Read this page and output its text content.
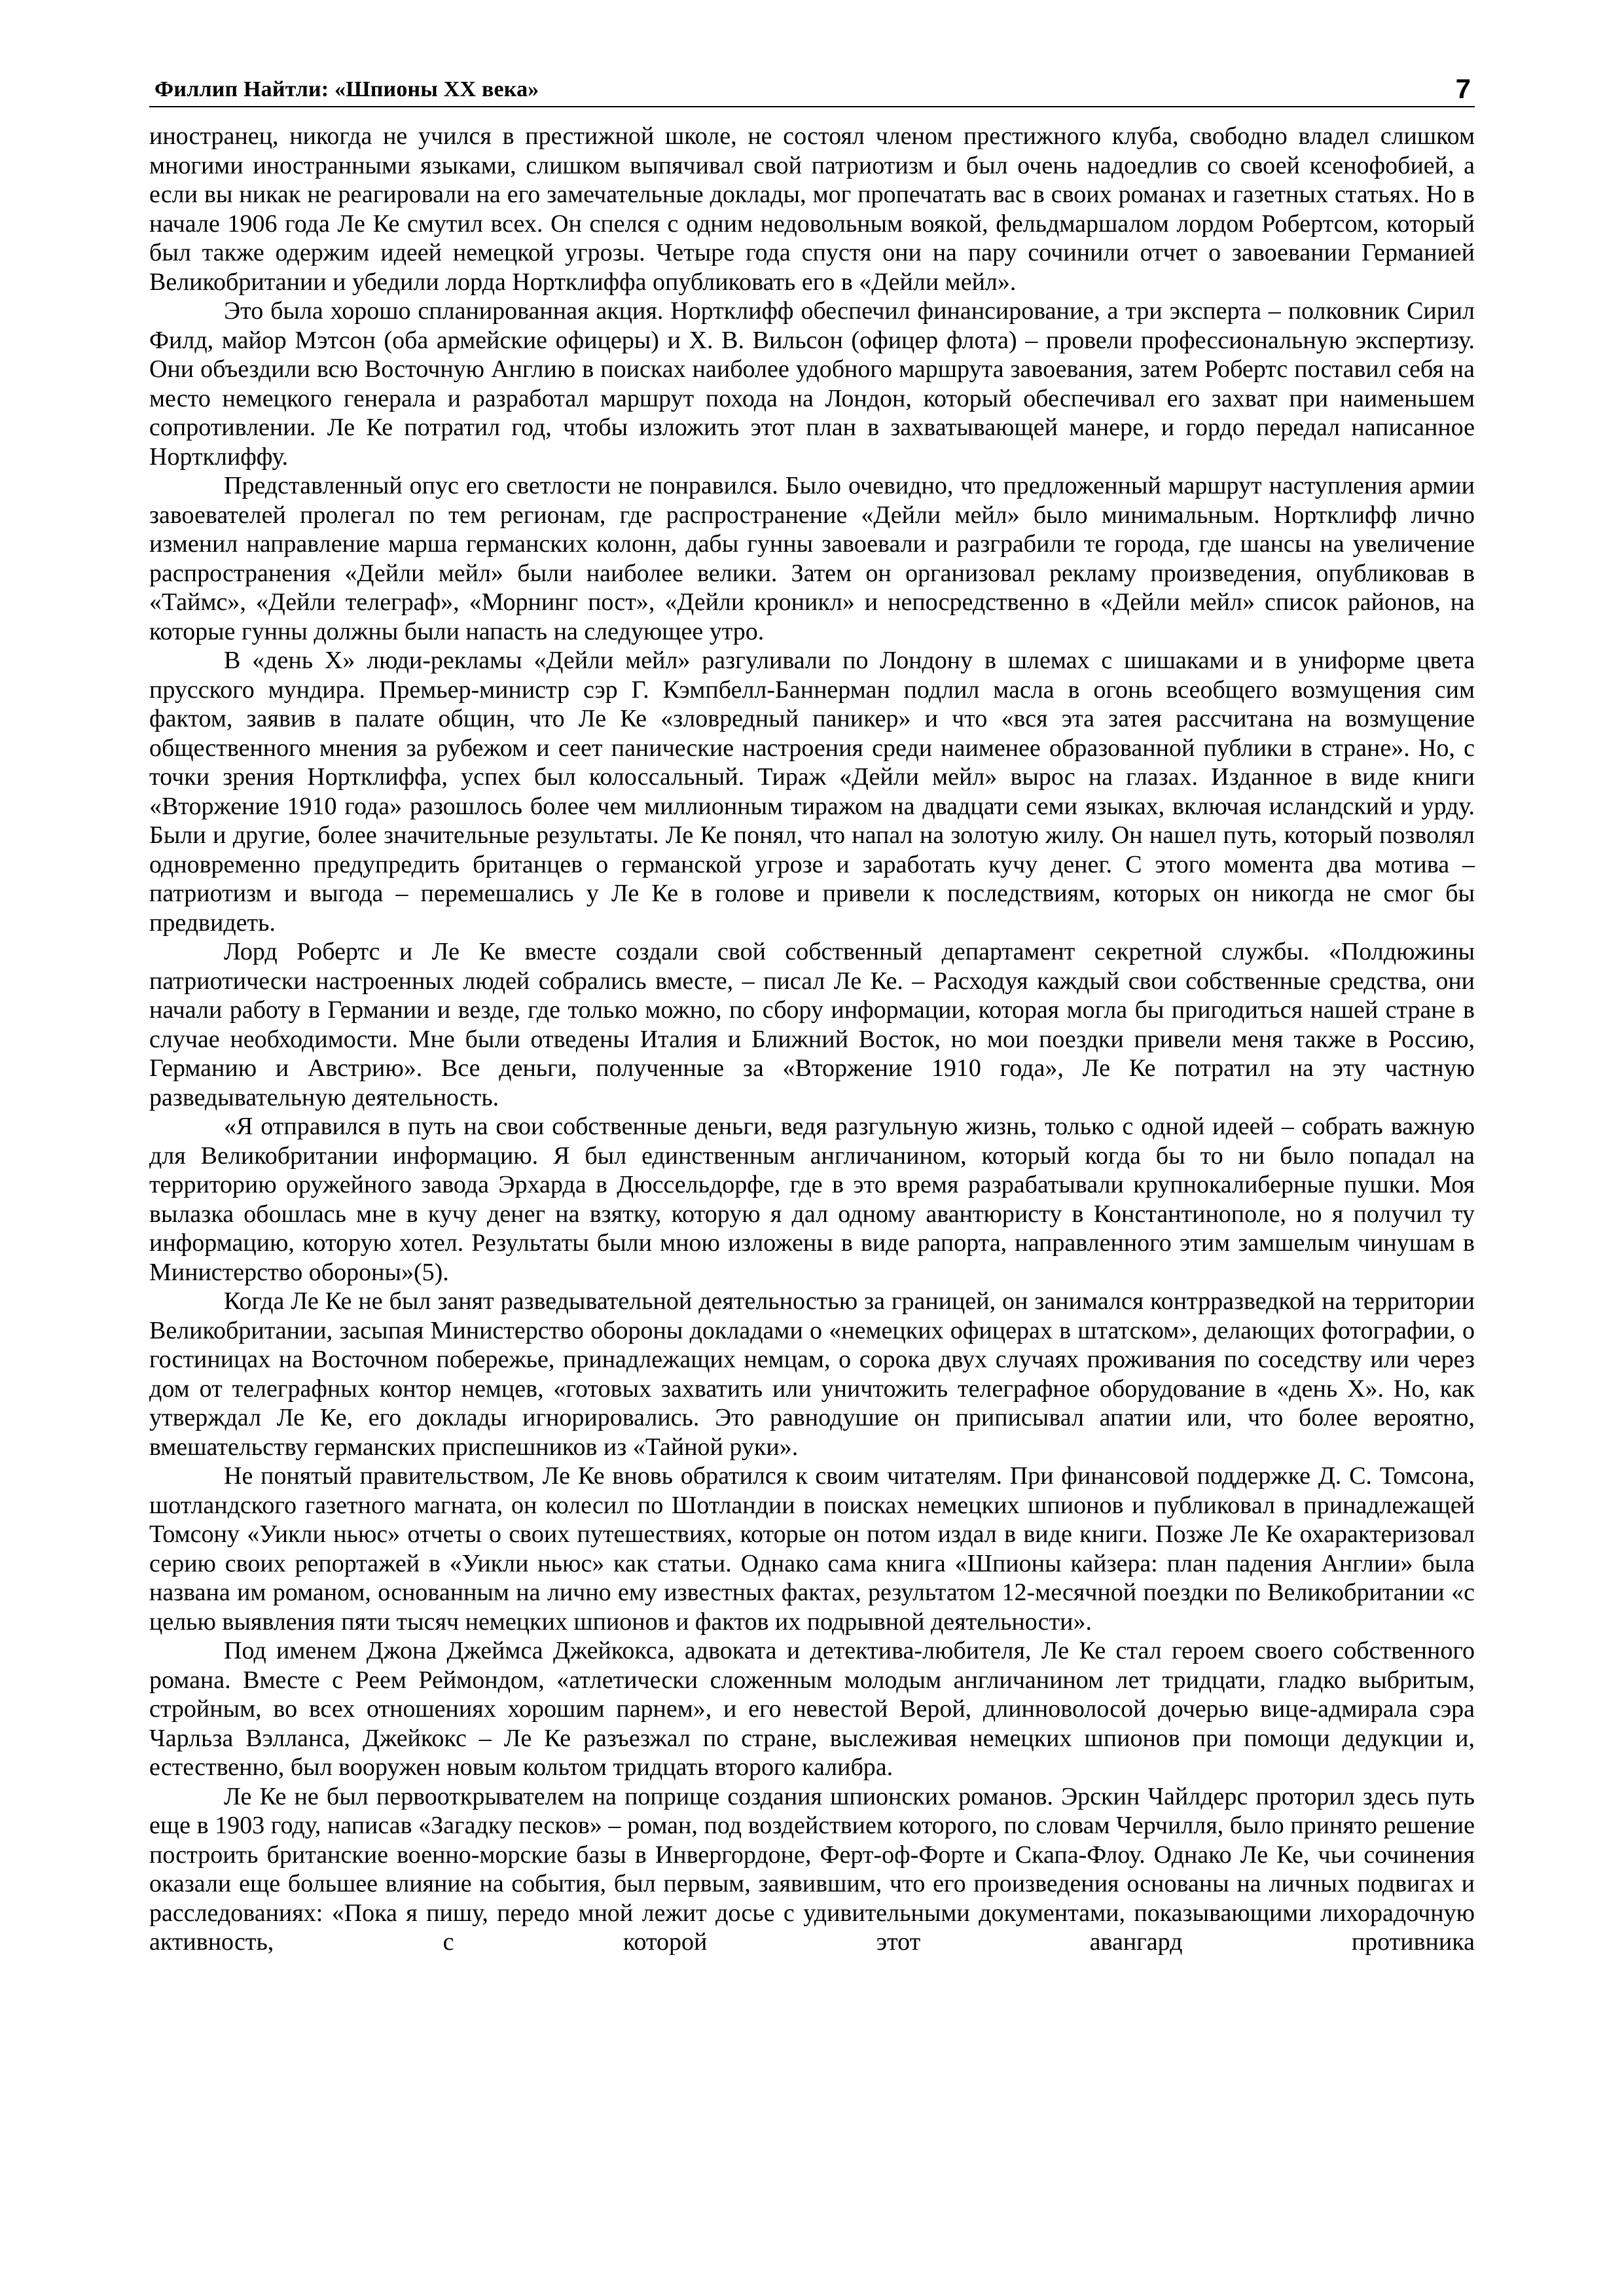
Филлип Найтли: «Шпионы XX века»	7

иностранец, никогда не учился в престижной школе, не состоял членом престижного клуба, свободно владел слишком многими иностранными языками, слишком выпячивал свой патриотизм и был очень надоедлив со своей ксенофобией, а если вы никак не реагировали на его замечательные доклады, мог пропечатать вас в своих романах и газетных статьях. Но в начале 1906 года Ле Ке смутил всех. Он спелся с одним недовольным воякой, фельдмаршалом лордом Робертсом, который был также одержим идеей немецкой угрозы. Четыре года спустя они на пару сочинили отчет о завоевании Германией Великобритании и убедили лорда Нортклиффа опубликовать его в «Дейли мейл».

Это была хорошо спланированная акция. Нортклифф обеспечил финансирование, а три эксперта – полковник Сирил Филд, майор Мэтсон (оба армейские офицеры) и Х. В. Вильсон (офицер флота) – провели профессиональную экспертизу. Они объездили всю Восточную Англию в поисках наиболее удобного маршрута завоевания, затем Робертс поставил себя на место немецкого генерала и разработал маршрут похода на Лондон, который обеспечивал его захват при наименьшем сопротивлении. Ле Ке потратил год, чтобы изложить этот план в захватывающей манере, и гордо передал написанное Нортклиффу.

Представленный опус его светлости не понравился. Было очевидно, что предложенный маршрут наступления армии завоевателей пролегал по тем регионам, где распространение «Дейли мейл» было минимальным. Нортклифф лично изменил направление марша германских колонн, дабы гунны завоевали и разграбили те города, где шансы на увеличение распространения «Дейли мейл» были наиболее велики. Затем он организовал рекламу произведения, опубликовав в «Таймс», «Дейли телеграф», «Морнинг пост», «Дейли кроникл» и непосредственно в «Дейли мейл» список районов, на которые гунны должны были напасть на следующее утро.

В «день Х» люди-рекламы «Дейли мейл» разгуливали по Лондону в шлемах с шишаками и в униформе цвета прусского мундира. Премьер-министр сэр Г. Кэмпбелл-Баннерман подлил масла в огонь всеобщего возмущения сим фактом, заявив в палате общин, что Ле Ке «зловредный паникер» и что «вся эта затея рассчитана на возмущение общественного мнения за рубежом и сеет панические настроения среди наименее образованной публики в стране». Но, с точки зрения Нортклиффа, успех был колоссальный. Тираж «Дейли мейл» вырос на глазах. Изданное в виде книги «Вторжение 1910 года» разошлось более чем миллионным тиражом на двадцати семи языках, включая исландский и урду. Были и другие, более значительные результаты. Ле Ке понял, что напал на золотую жилу. Он нашел путь, который позволял одновременно предупредить британцев о германской угрозе и заработать кучу денег. С этого момента два мотива – патриотизм и выгода – перемешались у Ле Ке в голове и привели к последствиям, которых он никогда не смог бы предвидеть.

Лорд Робертс и Ле Ке вместе создали свой собственный департамент секретной службы. «Полдюжины патриотически настроенных людей собрались вместе, – писал Ле Ке. – Расходуя каждый свои собственные средства, они начали работу в Германии и везде, где только можно, по сбору информации, которая могла бы пригодиться нашей стране в случае необходимости. Мне были отведены Италия и Ближний Восток, но мои поездки привели меня также в Россию, Германию и Австрию». Все деньги, полученные за «Вторжение 1910 года», Ле Ке потратил на эту частную разведывательную деятельность.

«Я отправился в путь на свои собственные деньги, ведя разгульную жизнь, только с одной идеей – собрать важную для Великобритании информацию. Я был единственным англичанином, который когда бы то ни было попадал на территорию оружейного завода Эрхарда в Дюссельдорфе, где в это время разрабатывали крупнокалиберные пушки. Моя вылазка обошлась мне в кучу денег на взятку, которую я дал одному авантюристу в Константинополе, но я получил ту информацию, которую хотел. Результаты были мною изложены в виде рапорта, направленного этим замшелым чинушам в Министерство обороны»(5).

Когда Ле Ке не был занят разведывательной деятельностью за границей, он занимался контрразведкой на территории Великобритании, засыпая Министерство обороны докладами о «немецких офицерах в штатском», делающих фотографии, о гостиницах на Восточном побережье, принадлежащих немцам, о сорока двух случаях проживания по соседству или через дом от телеграфных контор немцев, «готовых захватить или уничтожить телеграфное оборудование в «день Х». Но, как утверждал Ле Ке, его доклады игнорировались. Это равнодушие он приписывал апатии или, что более вероятно, вмешательству германских приспешников из «Тайной руки».

Не понятый правительством, Ле Ке вновь обратился к своим читателям. При финансовой поддержке Д. С. Томсона, шотландского газетного магната, он колесил по Шотландии в поисках немецких шпионов и публиковал в принадлежащей Томсону «Уикли ньюс» отчеты о своих путешествиях, которые он потом издал в виде книги. Позже Ле Ке охарактеризовал серию своих репортажей в «Уикли ньюс» как статьи. Однако сама книга «Шпионы кайзера: план падения Англии» была названа им романом, основанным на лично ему известных фактах, результатом 12-месячной поездки по Великобритании «с целью выявления пяти тысяч немецких шпионов и фактов их подрывной деятельности».

Под именем Джона Джеймса Джейкокса, адвоката и детектива-любителя, Ле Ке стал героем своего собственного романа. Вместе с Реем Реймондом, «атлетически сложенным молодым англичанином лет тридцати, гладко выбритым, стройным, во всех отношениях хорошим парнем», и его невестой Верой, длинноволосой дочерью вице-адмирала сэра Чарльза Вэлланса, Джейкокс – Ле Ке разъезжал по стране, выслеживая немецких шпионов при помощи дедукции и, естественно, был вооружен новым кольтом тридцать второго калибра.

Ле Ке не был первооткрывателем на поприще создания шпионских романов. Эрскин Чайлдерс проторил здесь путь еще в 1903 году, написав «Загадку песков» – роман, под воздействием которого, по словам Черчилля, было принято решение построить британские военно-морские базы в Инвергордоне, Ферт-оф-Форте и Скапа-Флоу. Однако Ле Ке, чьи сочинения оказали еще большее влияние на события, был первым, заявившим, что его произведения основаны на личных подвигах и расследованиях: «Пока я пишу, передо мной лежит досье с удивительными документами, показывающими лихорадочную активность, с которой этот авангард противника
